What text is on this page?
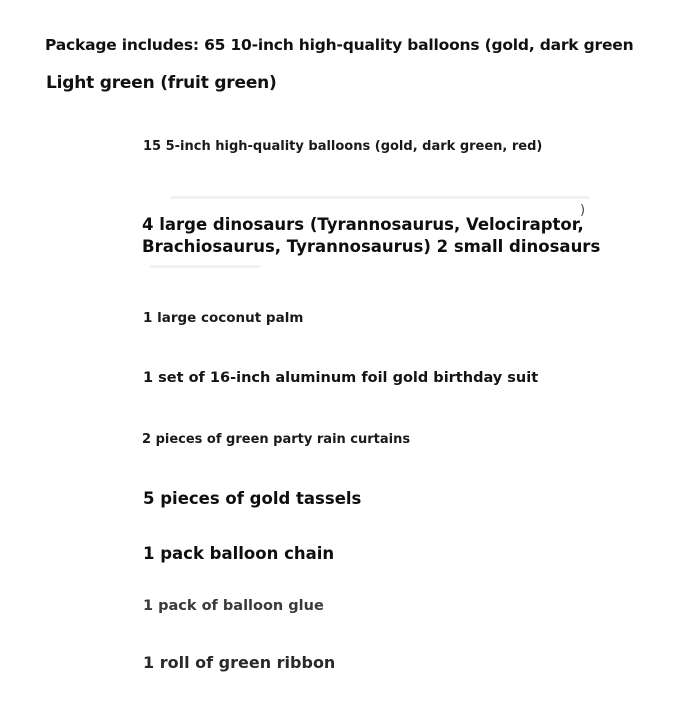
Package includes: 65 10-inch high-quality balloons (gold, dark green

Light green (fruit green)

15 5-inch high-quality balloons (gold, dark green, red)

4 large dinosaurs (Tyrannosaurus, Velociraptor, Brachiosaurus, Tyrannosaurus) 2 small dinosaurs

)

1 large coconut palm

1 set of 16-inch aluminum foil gold birthday suit

2 pieces of green party rain curtains

5 pieces of gold tassels

1 pack balloon chain

1 pack of balloon glue

1 roll of green ribbon
